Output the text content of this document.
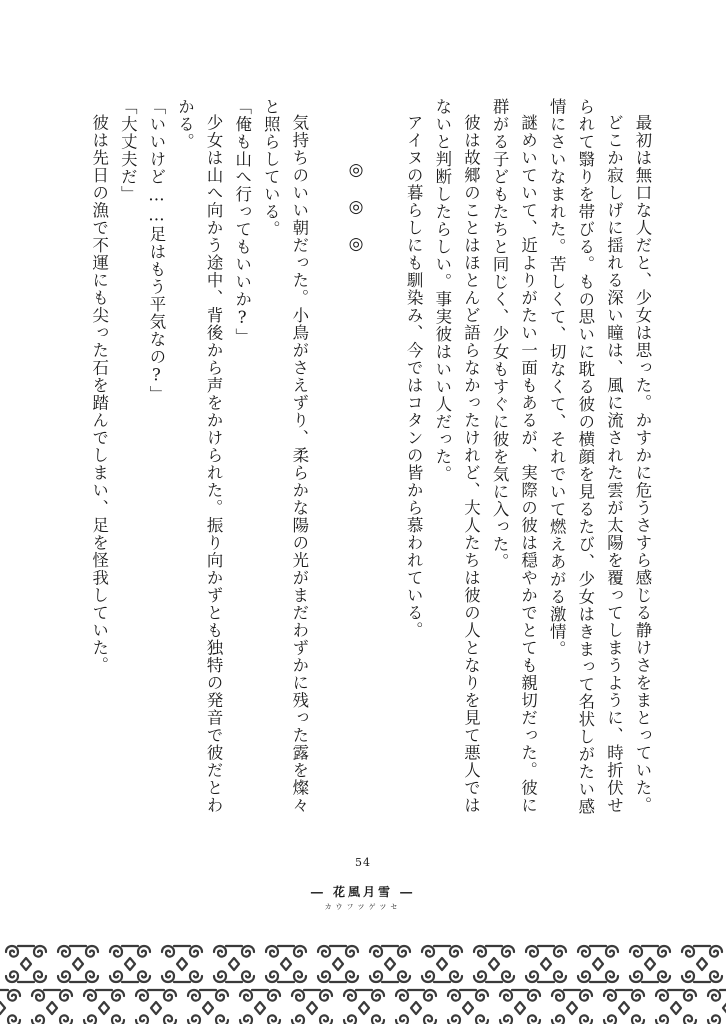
最初は無口な人だと、少女は思った。かすかに危うさすら感じる静けさをまとっていた。

どこか寂しげに揺れる深い瞳は、風に流された雲が太陽を覆ってしまうように、時折伏せられて翳りを帯びる。もの思いに耽る彼の横顔を見るたび、少女はきまって名状しがたい感情にさいなまれた。苦しくて、切なくて、それでいて燃えあがる激情。

謎めいていて、近よりがたい一面もあるが、実際の彼は穏やかでとても親切だった。彼に群がる子どもたちと同じく、少女もすぐに彼を気に入った。

彼は故郷のことはほとんど語らなかったけれど、大人たちは彼の人となりを見て悪人ではないと判断したらしい。事実彼はいい人だった。

アイヌの暮らしにも馴染み、今ではコタンの皆から慕われている。

◎◎◎

気持ちのいい朝だった。小鳥がさえずり、柔らかな陽の光がまだわずかに残った露を燦々と照らしている。

「俺も山へ行ってもいいか?」

少女は山へ向かう途中、背後から声をかけられた。振り向かずとも独特の発音で彼だとわかる。

「いいけど……足はもう平気なの?」

「大丈夫だ」

彼は先日の漁で不運にも尖った石を踏んでしまい、足を怪我していた。

54
― 花風月雪 ―
カウフツゲツセ
